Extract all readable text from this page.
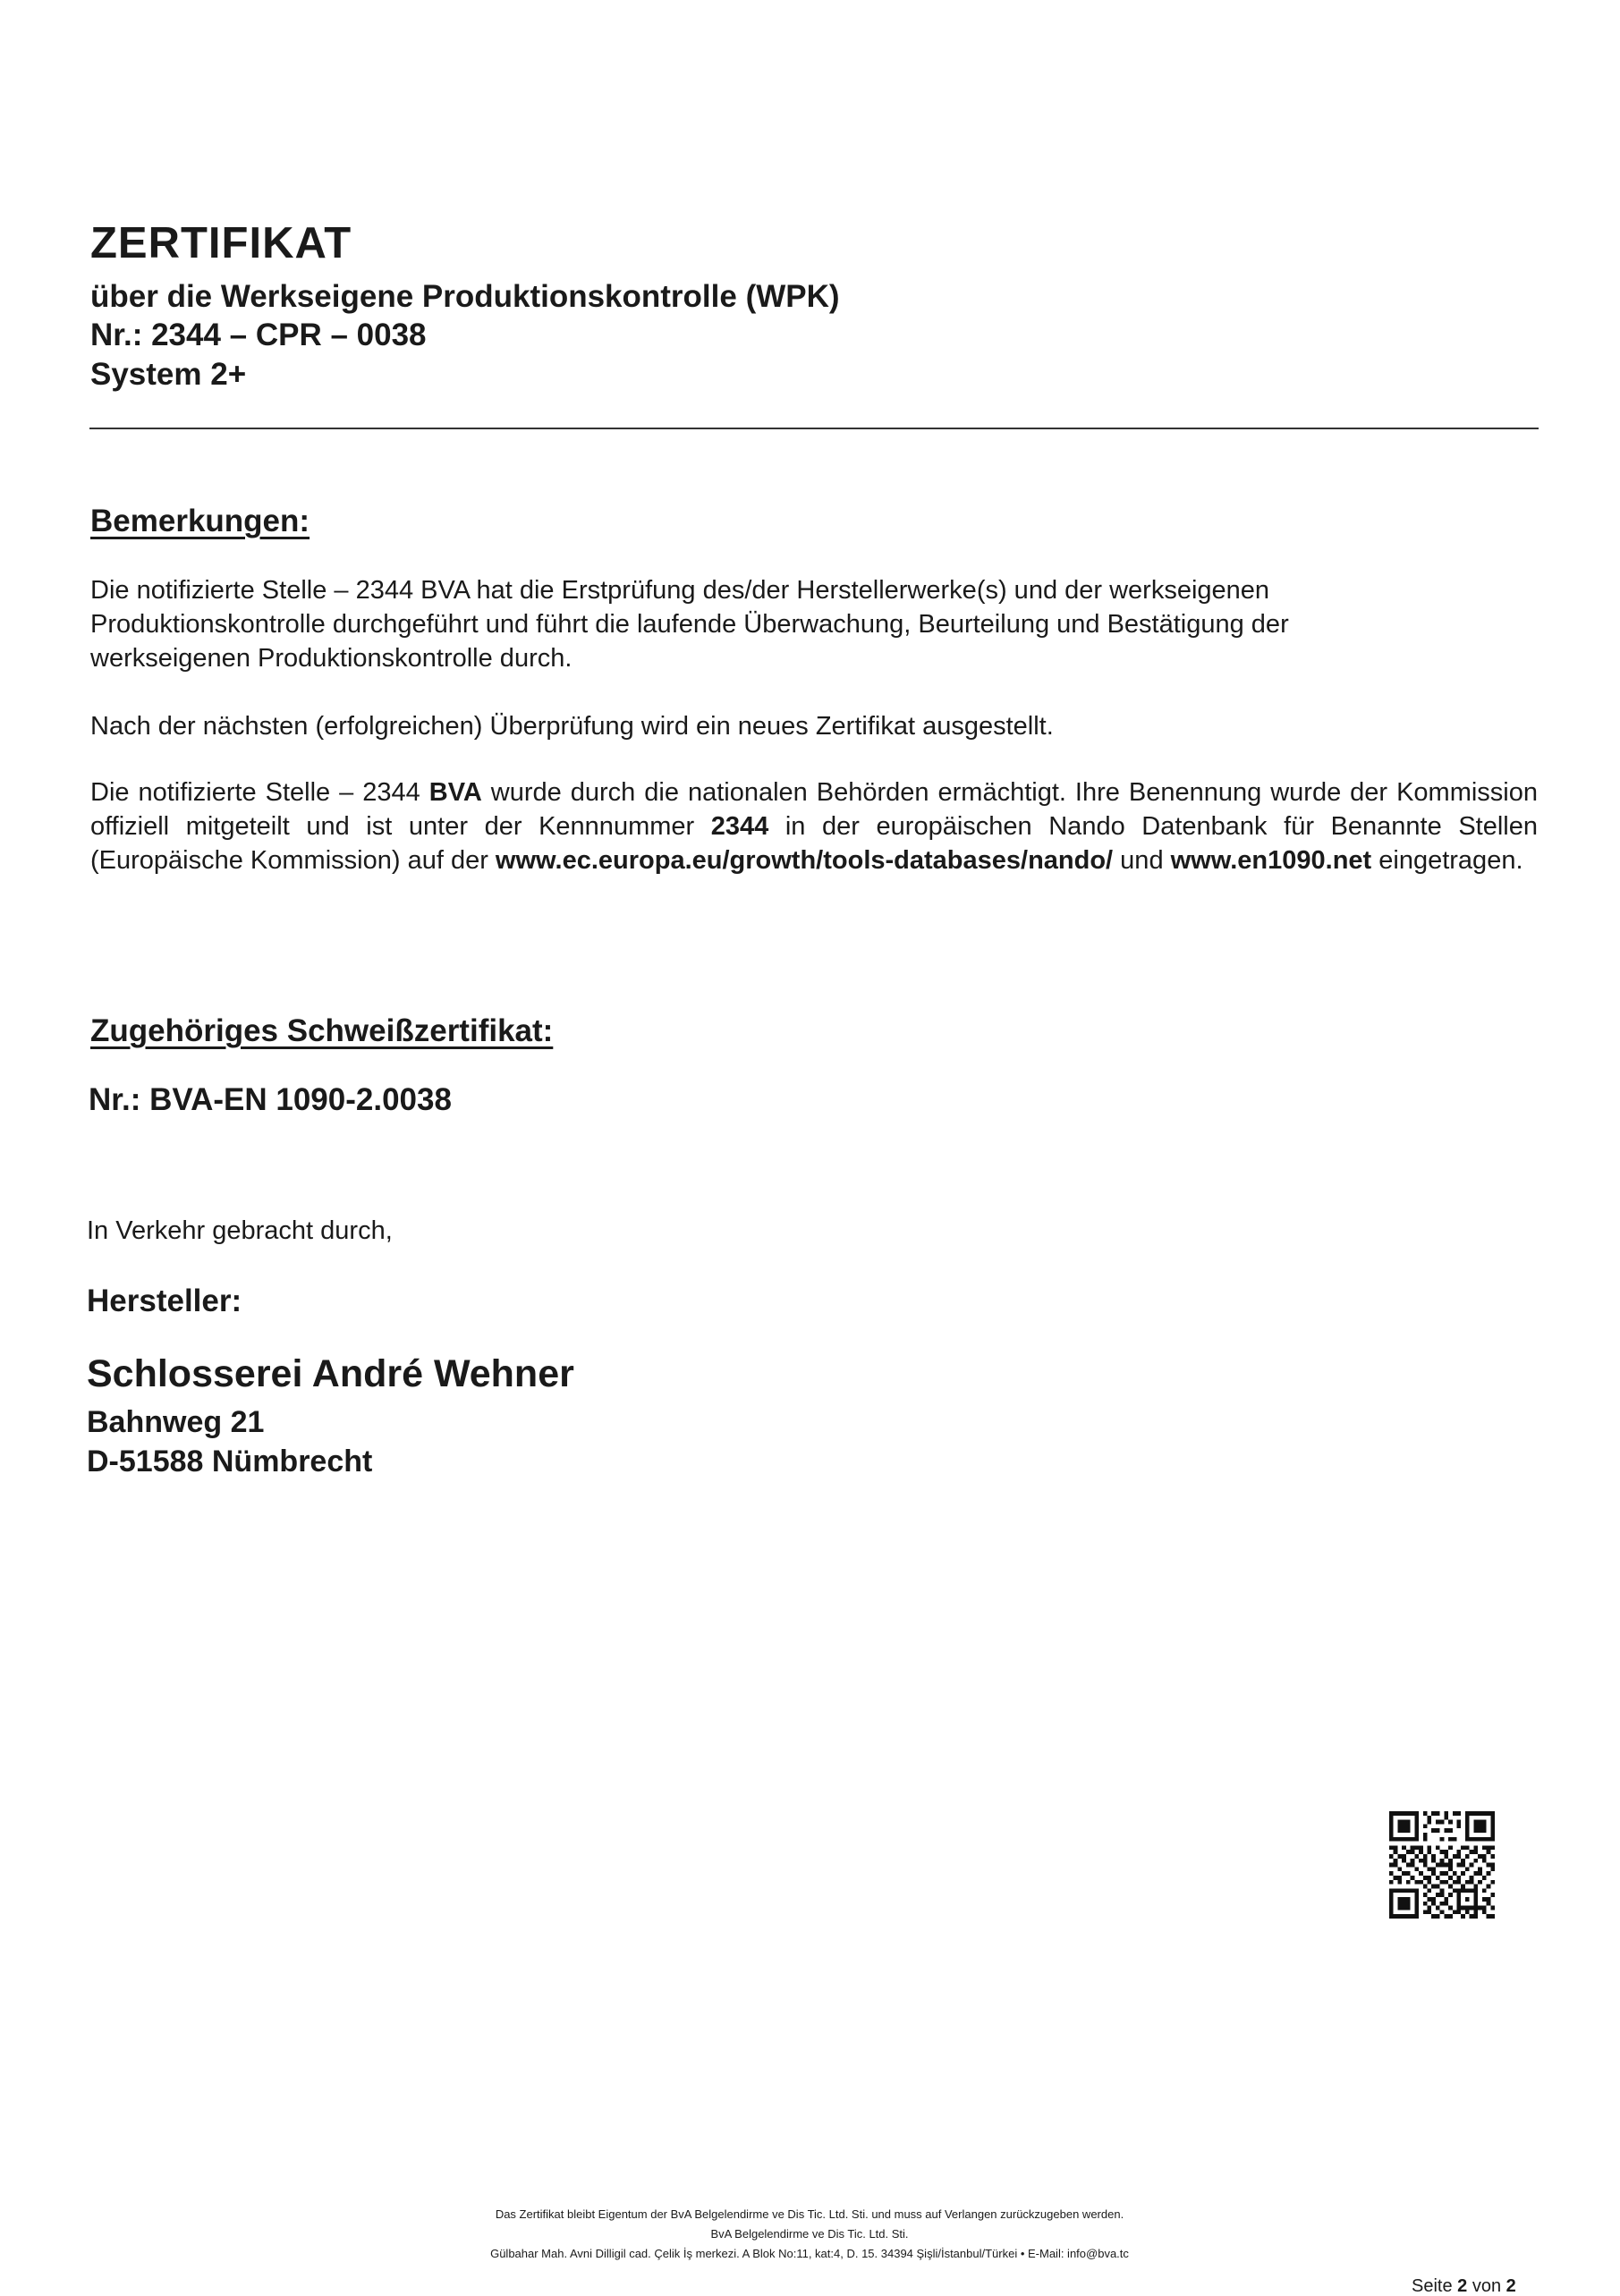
ZERTIFIKAT
über die Werkseigene Produktionskontrolle (WPK)
Nr.: 2344 – CPR – 0038
System 2+
Bemerkungen:
Die notifizierte Stelle – 2344 BVA hat die Erstprüfung des/der Herstellerwerke(s) und der werkseigenen
Produktionskontrolle durchgeführt und führt die laufende Überwachung, Beurteilung und Bestätigung der
werkseigenen Produktionskontrolle durch.
Nach der nächsten (erfolgreichen) Überprüfung wird ein neues Zertifikat ausgestellt.
Die notifizierte Stelle – 2344 BVA wurde durch die nationalen Behörden ermächtigt. Ihre Benennung wurde der Kommission offiziell mitgeteilt und ist unter der Kennnummer 2344 in der europäischen Nando Datenbank für Benannte Stellen (Europäische Kommission) auf der www.ec.europa.eu/growth/tools-databases/nando/ und www.en1090.net eingetragen.
Zugehöriges Schweißzertifikat:
Nr.: BVA-EN 1090-2.0038
In Verkehr gebracht durch,
Hersteller:
Schlosserei André Wehner
Bahnweg 21
D-51588 Nümbrecht
Das Zertifikat bleibt Eigentum der BvA Belgelendirme ve Dis Tic. Ltd. Sti. und muss auf Verlangen zurückzugeben werden.
BvA Belgelendirme ve Dis Tic. Ltd. Sti.
Gülbahar Mah. Avni Dilligil cad. Çelik İş merkezi. A Blok No:11, kat:4, D. 15. 34394 Şişli/İstanbul/Türkei • E-Mail: info@bva.tc
Seite 2 von 2
